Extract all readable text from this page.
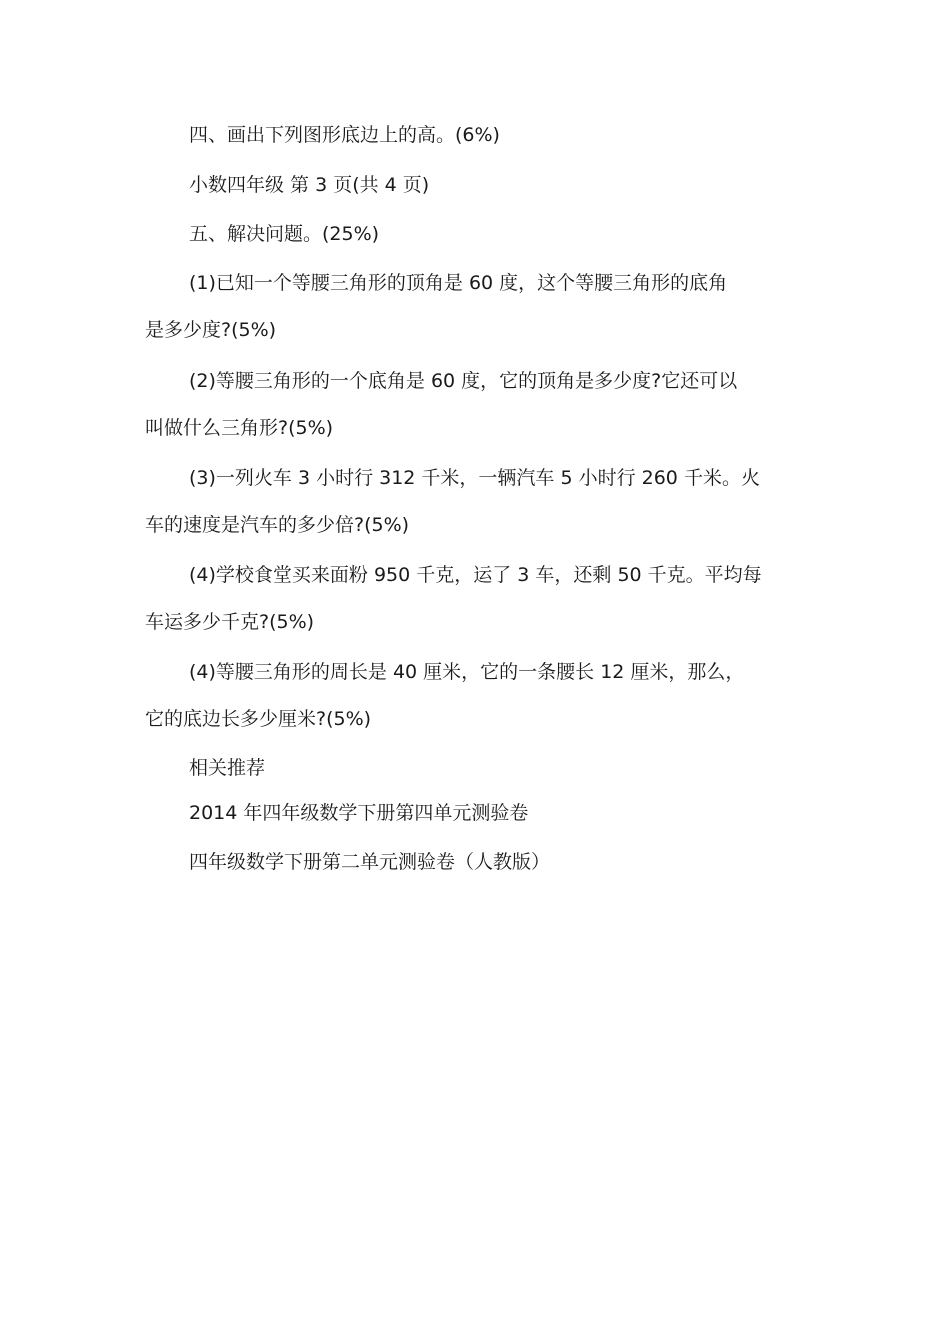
四、画出下列图形底边上的高。(6%)
小数四年级 第 3 页(共 4 页)
五、解决问题。(25%)
(1)已知一个等腰三角形的顶角是 60 度，这个等腰三角形的底角
是多少度?(5%)
(2)等腰三角形的一个底角是 60 度，它的顶角是多少度?它还可以
叫做什么三角形?(5%)
(3)一列火车 3 小时行 312 千米，一辆汽车 5 小时行 260 千米。火
车的速度是汽车的多少倍?(5%)
(4)学校食堂买来面粉 950 千克，运了 3 车，还剩 50 千克。平均每
车运多少千克?(5%)
(4)等腰三角形的周长是 40 厘米，它的一条腰长 12 厘米，那么，
它的底边长多少厘米?(5%)
相关推荐
2014 年四年级数学下册第四单元测验卷
四年级数学下册第二单元测验卷（人教版）
